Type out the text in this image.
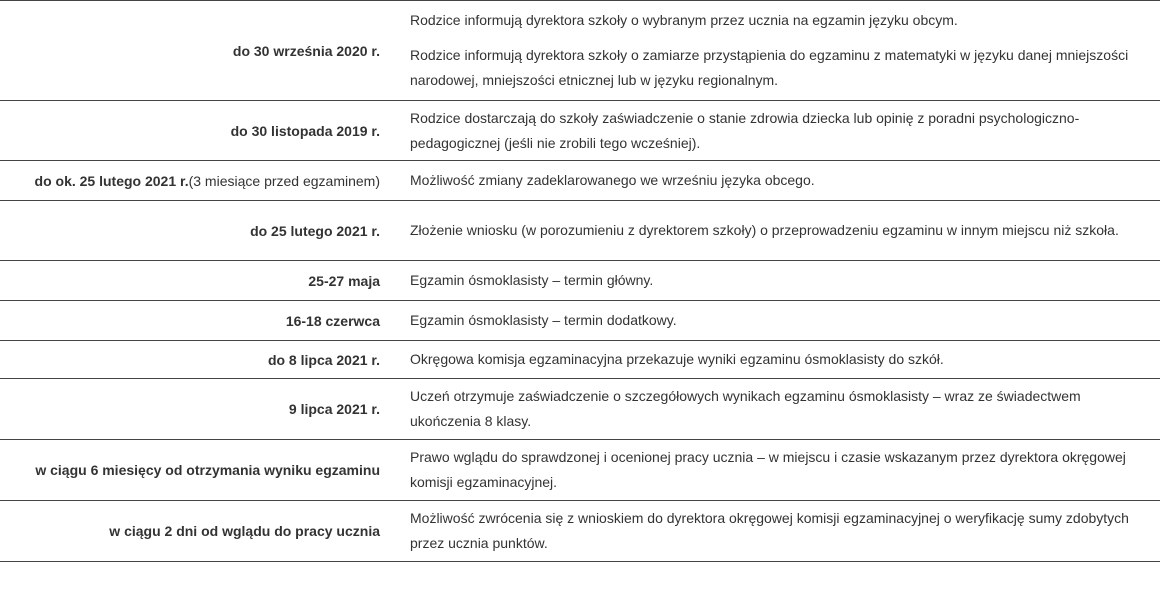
do 30 września 2020 r.

Rodzice informują dyrektora szkoły o wybranym przez ucznia na egzamin języku obcym.

Rodzice informują dyrektora szkoły o zamiarze przystąpienia do egzaminu z matematyki w języku danej mniejszości narodowej, mniejszości etnicznej lub w języku regionalnym.

do 30 listopada 2019 r.

Rodzice dostarczają do szkoły zaświadczenie o stanie zdrowia dziecka lub opinię z poradni psychologiczno-pedagogicznej (jeśli nie zrobili tego wcześniej).

do ok. 25 lutego 2021 r. (3 miesiące przed egzaminem) Możliwość zmiany zadeklarowanego we wrześniu języka obcego.

do 25 lutego 2021 r. Złożenie wniosku (w porozumieniu z dyrektorem szkoły) o przeprowadzeniu egzaminu w innym miejscu niż szkoła.

25-27 maja Egzamin ósmoklasisty – termin główny.

16-18 czerwca Egzamin ósmoklasisty – termin dodatkowy.

do 8 lipca 2021 r. Okręgowa komisja egzaminacyjna przekazuje wyniki egzaminu ósmoklasisty do szkół.

9 lipca 2021 r.

Uczeń otrzymuje zaświadczenie o szczegółowych wynikach egzaminu ósmoklasisty – wraz ze świadectwem ukończenia 8 klasy.

w ciągu 6 miesięcy od otrzymania wyniku egzaminu

Prawo wglądu do sprawdzonej i ocenionej pracy ucznia – w miejscu i czasie wskazanym przez dyrektora okręgowej komisji egzaminacyjnej.

w ciągu 2 dni od wglądu do pracy ucznia

Możliwość zwrócenia się z wnioskiem do dyrektora okręgowej komisji egzaminacyjnej o weryfikację sumy zdobytych przez ucznia punktów.
